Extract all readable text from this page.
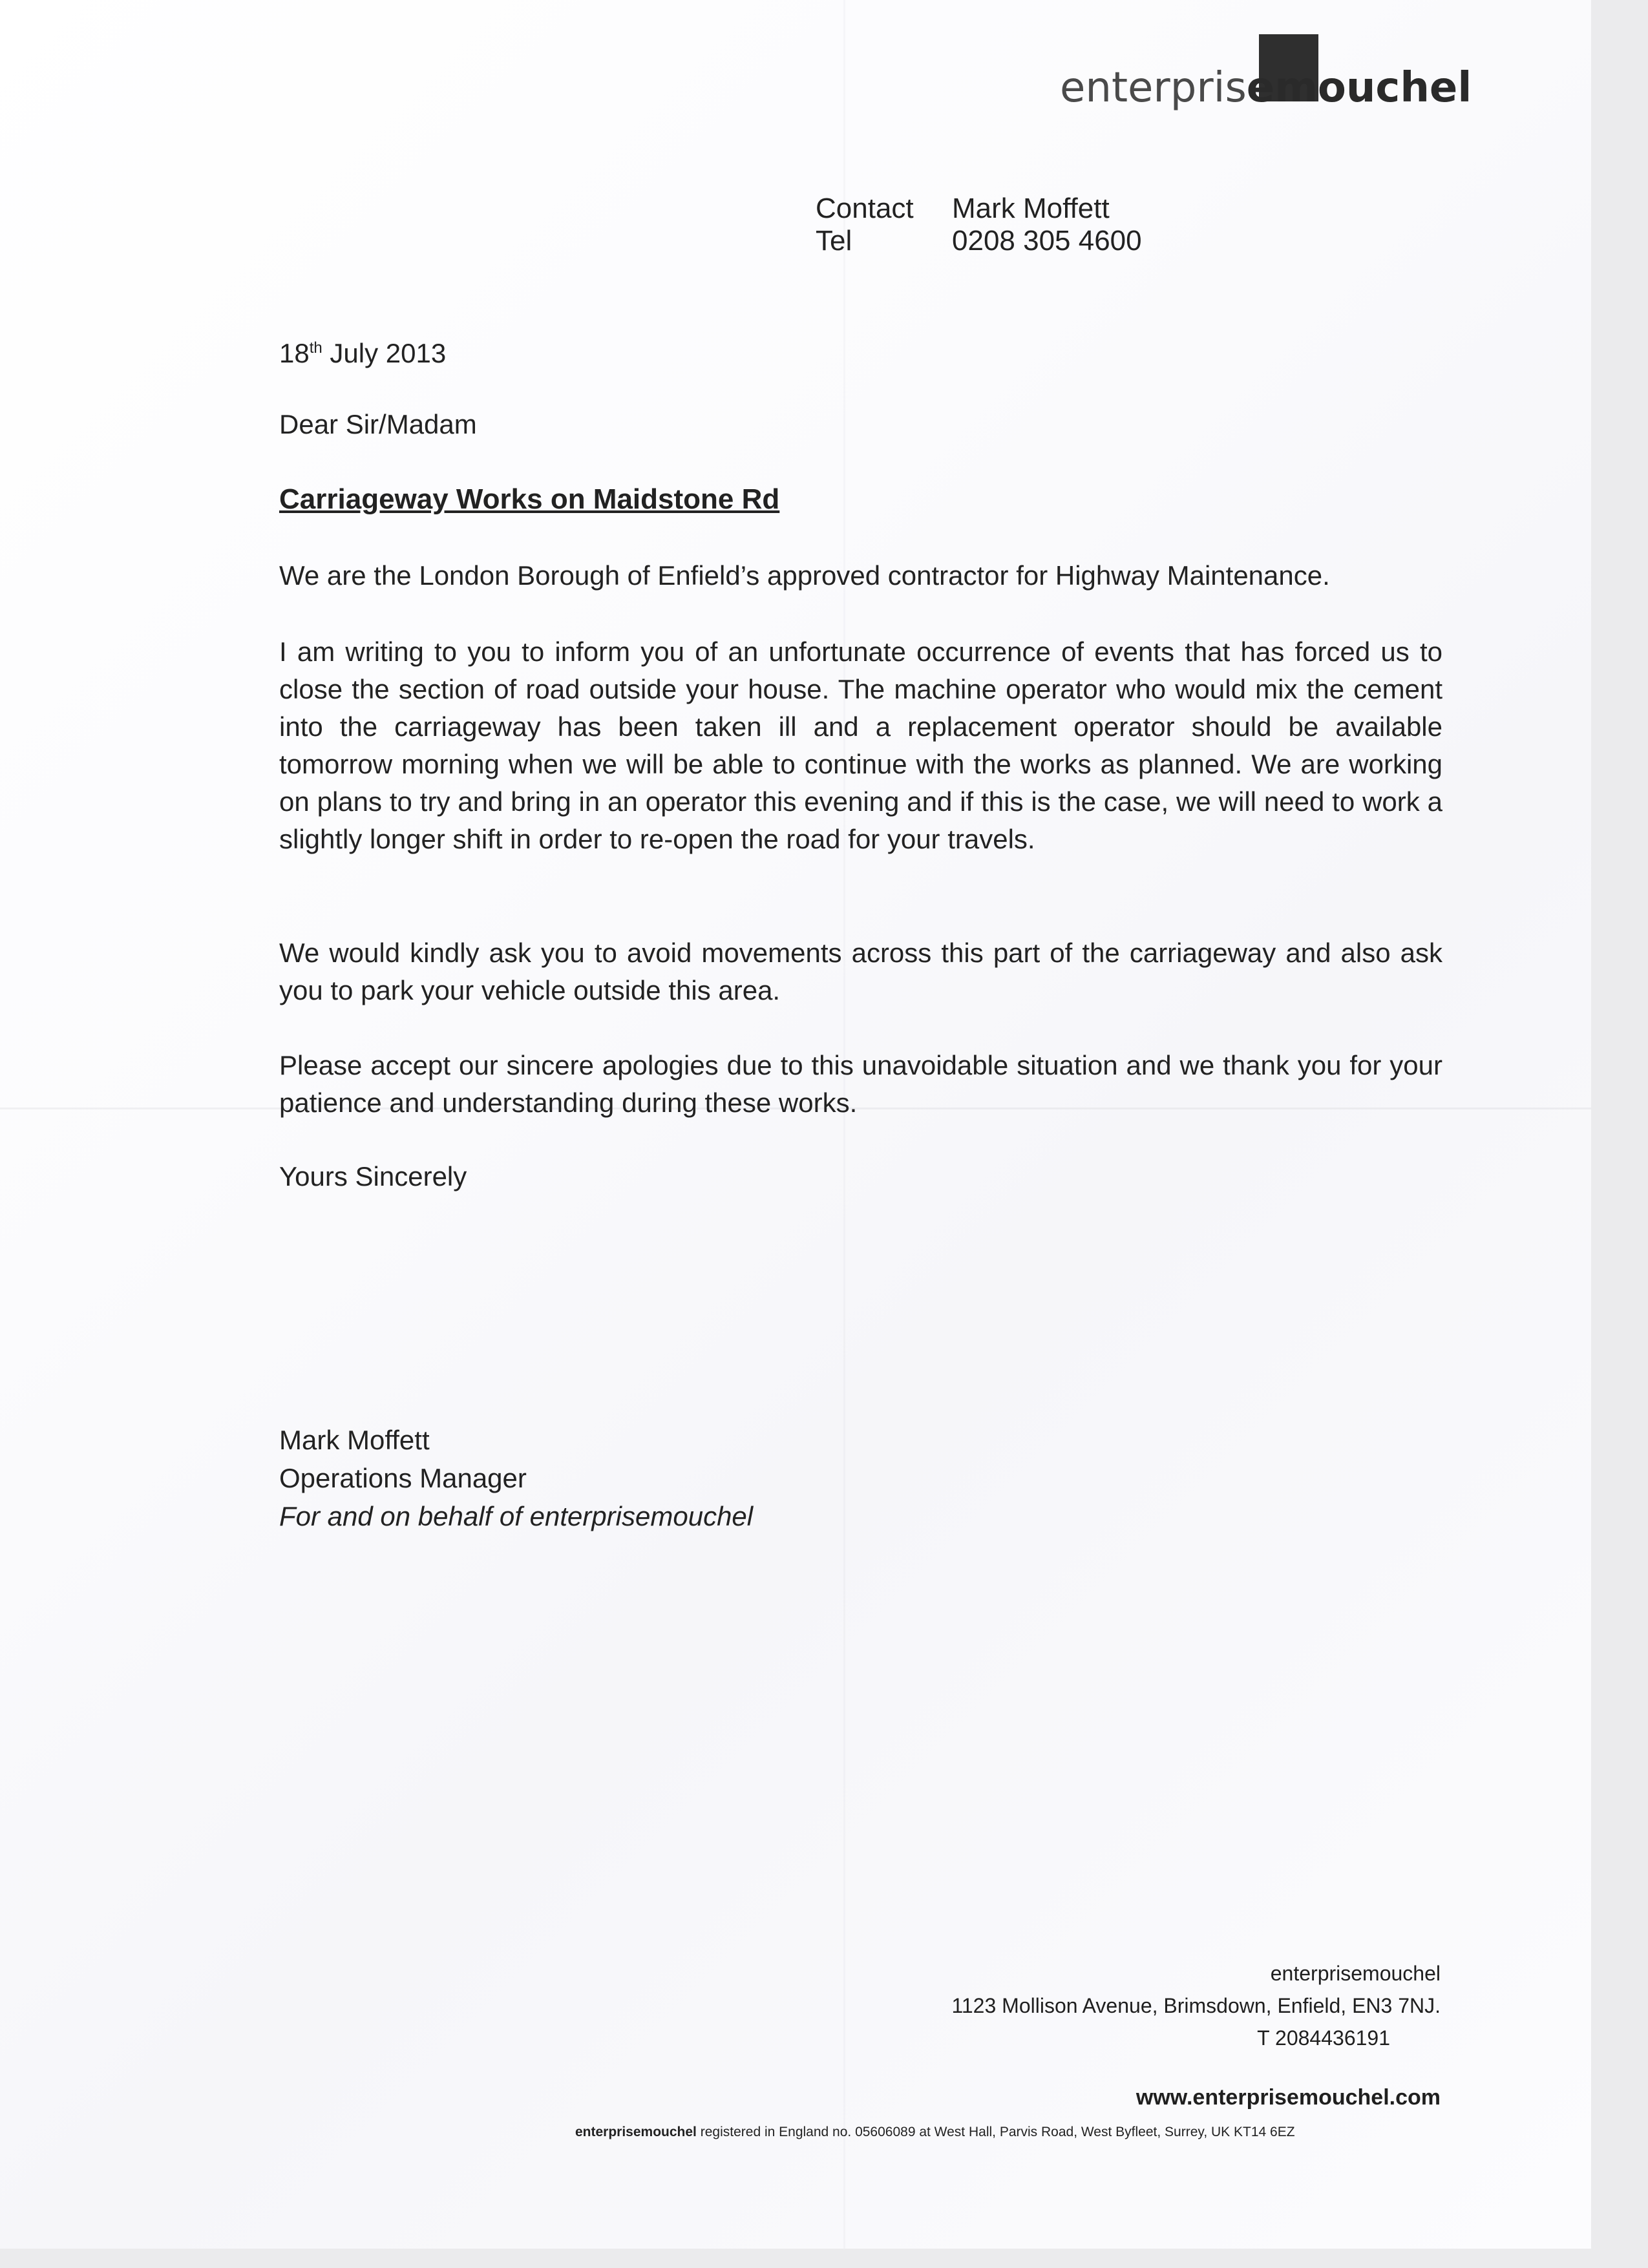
enterprisemouchel
Contact Mark Moffett
Tel	0208 305 4600
18th July 2013
Dear Sir/Madam
Carriageway Works on Maidstone Rd
We are the London Borough of Enfield’s approved contractor for Highway Maintenance.
I am writing to you to inform you of an unfortunate occurrence of events that has forced us to close the section of road outside your house. The machine operator who would mix the cement into the carriageway has been taken ill and a replacement operator should be available tomorrow morning when we will be able to continue with the works as planned. We are working on plans to try and bring in an operator this evening and if this is the case, we will need to work a slightly longer shift in order to re-open the road for your travels.
We would kindly ask you to avoid movements across this part of the carriageway and also ask you to park your vehicle outside this area.
Please accept our sincere apologies due to this unavoidable situation and we thank you for your patience and understanding during these works.
Yours Sincerely
Mark Moffett
Operations Manager
For and on behalf of enterprisemouchel
enterprisemouchel
1123 Mollison Avenue, Brimsdown, Enfield, EN3 7NJ.
T 2084436191
www.enterprisemouchel.com
enterprisemouchel registered in England no. 05606089 at West Hall, Parvis Road, West Byfleet, Surrey, UK KT14 6EZ
